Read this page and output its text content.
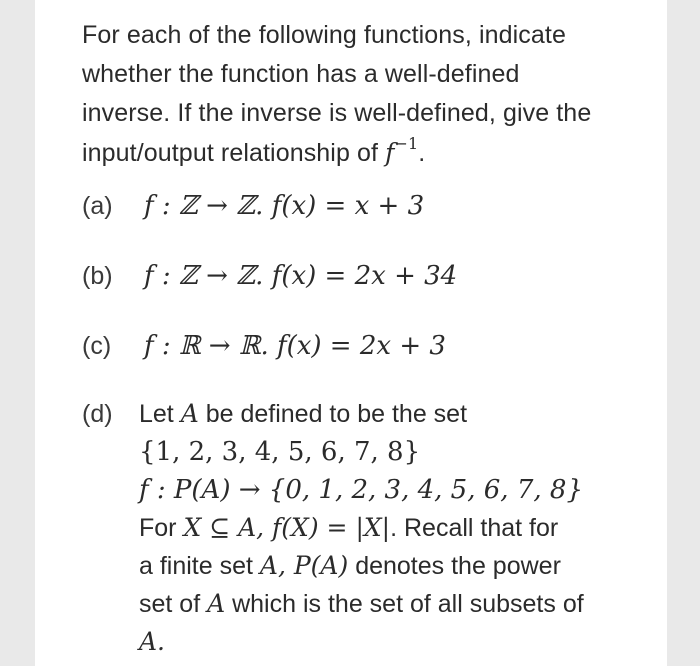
For each of the following functions, indicate
whether the function has a well-defined
inverse. If the inverse is well-defined, give the
input/output relationship of $f^{-1}$.
(a) f : ℤ → ℤ. f(x) = x + 3
(b) f : ℤ → ℤ. f(x) = 2x + 34
(c) f : ℝ → ℝ. f(x) = 2x + 3
(d) Let A be defined to be the set
{1, 2, 3, 4, 5, 6, 7, 8}
f : P(A) → {0, 1, 2, 3, 4, 5, 6, 7, 8}
For X ⊆ A, f(X) = |X|. Recall that for
a finite set A, P(A) denotes the power
set of A which is the set of all subsets of
A.
